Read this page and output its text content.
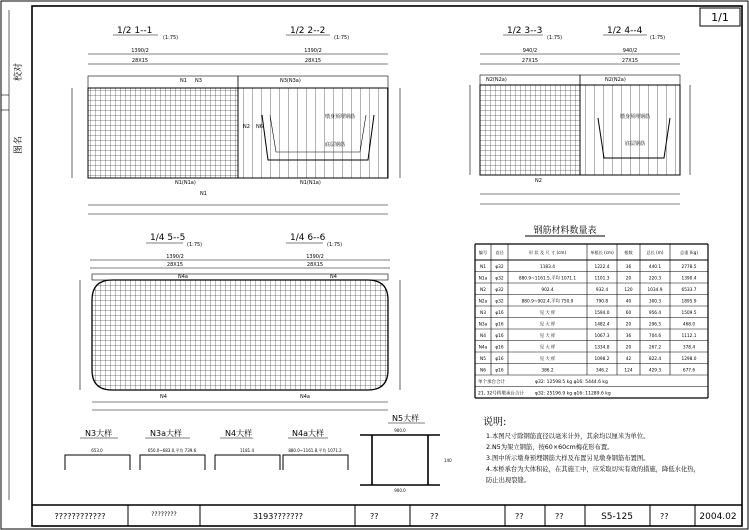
校对
图名
1/1
1/2 1--1
(1:75)
1390/2
28X15
N1 N3
N1(N1a)
N1
1/2 2--2
(1:75)
1390/2
28X15
N3(N3a)
N2 N6
墩身预埋钢筋
底层钢筋
N1(N1a)
1/2 3--3
(1:75)
940/2
27X15
N2(N2a)
N2
1/2 4--4
(1:75)
940/2
27X15
N2(N2a)
墩身预埋钢筋
底层钢筋
1/4 5--5
(1:75)
1390/2
28X15
1/4 6--6
(1:75)
1390/2
28X15
N4a	N4
N4	N4a
钢筋材料数量表
编号 直径	形 状 及 尺 寸 (cm)	单根长 (cm)	根数	总长 (m)	总重 (kg)
N1 φ32	1183.4	1222.4	36	440.1	2778.5
N1a φ32	880.9~1161.5,平均 1071.1	1101.3	20	220.3	1390.4
N2 φ32	902.4	932.4	120	1034.9	6533.7
N2a φ32	880.9~902.4,平均 750.9	790.8	40	300.3	1895.9
N3 φ16	见 大 样	1594.0	60	956.4	1509.5
N3a φ16	见 大 样	1482.4	20	296.5	468.0
N4 φ16	见 大 样	1067.3	36	704.6	1112.1
N4a φ16	见 大 样	1334.8	20	267.2	378.4
N5 φ16	见 大 样	1098.2	42	822.4	1298.0
N6 φ16	386.2	346.2	124	429.3	677.6
单个承台合计	φ32: 12598.5 kg φ16: 5444.6 kg
21, 32号桥墩承台合计 φ32: 25196.9 kg φ16: 11289.6 kg
N3大样
653.0
N3a大样
650.0~683.0,平均 739.6
N4大样
1181.4
N4a大样
880.0~1161.8,平均 1071.2
N5大样
900.0
140
900.0
说明:
1.本图尺寸除钢筋直径以毫米计外，其余均以厘米为单位。
2.N5为架立钢筋，按60×60cm梅花形布置。
3.图中所示墩身预埋钢筋大样及布置另见墩身钢筋布置图。
4.本桥承台为大体积砼，在其施工中，应采取切实有效的措施，降低水化热，
防止出现裂缝。
????????????	????????	3193???????	??	??	??	??	S5-125	??	2004.02
